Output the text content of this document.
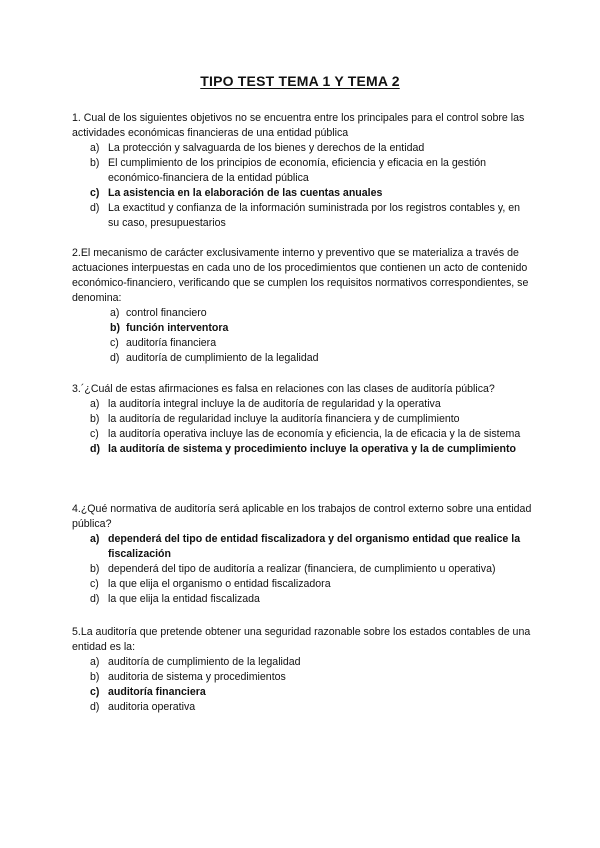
TIPO TEST TEMA 1 Y TEMA 2

1. Cual de los siguientes objetivos no se encuentra entre los principales para el control sobre las actividades económicas financieras de una entidad pública

a) La protección y salvaguarda de los bienes y derechos de la entidad
b) El cumplimiento de los principios de economía, eficiencia y eficacia en la gestión económico-financiera de la entidad pública
c) La asistencia en la elaboración de las cuentas anuales
d) La exactitud y confianza de la información suministrada por los registros contables y, en su caso, presupuestarios

2.El mecanismo de carácter exclusivamente interno y preventivo que se materializa a través de actuaciones interpuestas en cada uno de los procedimientos que contienen un acto de contenido económico-financiero, verificando que se cumplen los requisitos normativos correspondientes, se denomina:

a) control financiero
b) función interventora
c) auditoría financiera
d) auditoría de cumplimiento de la legalidad

3.´¿Cuál de estas afirmaciones es falsa en relaciones con las clases de auditoría pública?

a) la auditoría integral incluye la de auditoría de regularidad y la operativa
b) la auditoría de regularidad incluye la auditoría financiera y de cumplimiento
c) la auditoría operativa incluye las de economía y eficiencia, la de eficacia y la de sistema
d) la auditoría de sistema y procedimiento incluye la operativa y la de cumplimiento

4.¿Qué normativa de auditoría será aplicable en los trabajos de control externo sobre una entidad pública?

a) dependerá del tipo de entidad fiscalizadora y del organismo entidad que realice la fiscalización
b) dependerá del tipo de auditoría a realizar (financiera, de cumplimiento u operativa)
c) la que elija el organismo o entidad fiscalizadora
d) la que elija la entidad fiscalizada

5.La auditoría que pretende obtener una seguridad razonable sobre los estados contables de una entidad es la:

a) auditoría de cumplimiento de la legalidad
b) auditoria de sistema y procedimientos
c) auditoría financiera
d) auditoria operativa
